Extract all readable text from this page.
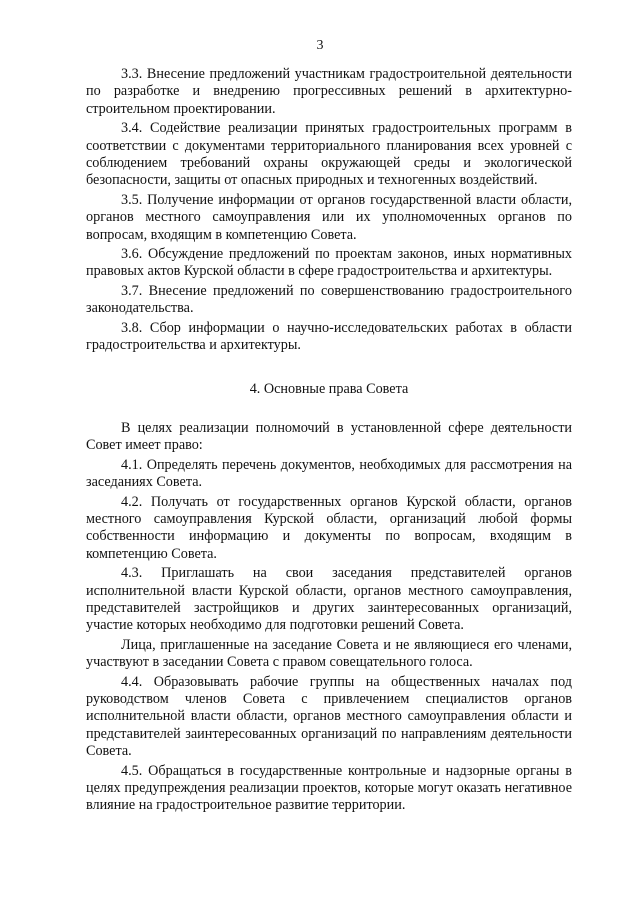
3

3.3. Внесение предложений участникам градостроительной деятельности по разработке и внедрению прогрессивных решений в архитектурно-строительном проектировании.

3.4. Содействие реализации принятых градостроительных программ в соответствии с документами территориального планирования всех уровней с соблюдением требований охраны окружающей среды и экологической безопасности, защиты от опасных природных и техногенных воздействий.

3.5. Получение информации от органов государственной власти области, органов местного самоуправления или их уполномоченных органов по вопросам, входящим в компетенцию Совета.

3.6. Обсуждение предложений по проектам законов, иных нормативных правовых актов Курской области в сфере градостроительства и архитектуры.

3.7. Внесение предложений по совершенствованию градостроительного законодательства.

3.8. Сбор информации о научно-исследовательских работах в области градостроительства и архитектуры.

4. Основные права Совета

В целях реализации полномочий в установленной сфере деятельности Совет имеет право:

4.1. Определять перечень документов, необходимых для рассмотрения на заседаниях Совета.

4.2. Получать от государственных органов Курской области, органов местного самоуправления Курской области, организаций любой формы собственности информацию и документы по вопросам, входящим в компетенцию Совета.

4.3. Приглашать на свои заседания представителей органов исполнительной власти Курской области, органов местного самоуправления, представителей застройщиков и других заинтересованных организаций, участие которых необходимо для подготовки решений Совета.

Лица, приглашенные на заседание Совета и не являющиеся его членами, участвуют в заседании Совета с правом совещательного голоса.

4.4. Образовывать рабочие группы на общественных началах под руководством членов Совета с привлечением специалистов органов исполнительной власти области, органов местного самоуправления области и представителей заинтересованных организаций по направлениям деятельности Совета.

4.5. Обращаться в государственные контрольные и надзорные органы в целях предупреждения реализации проектов, которые могут оказать негативное влияние на градостроительное развитие территории.
